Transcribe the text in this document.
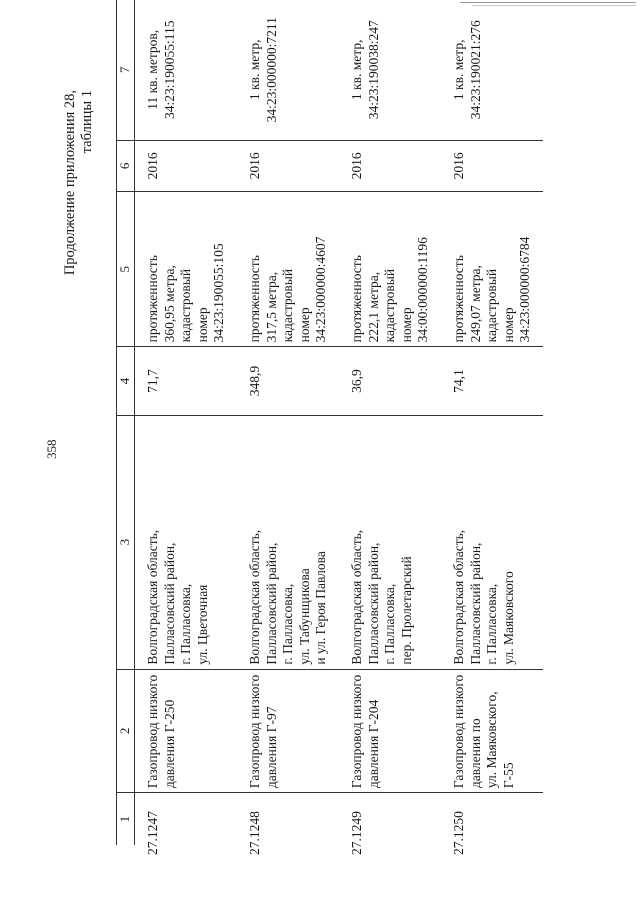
358
Продолжение приложения 28, таблицы 1
1	2	3	4	5	6	7
27.1247	Газопровод низкого
давления Г-250	Волгоградская область,
Палласовский район,
г. Палласовка,
ул. Цветочная	71,7	протяженность
360,95 метра,
кадастровый
номер
34:23:190055:105	2016	11 кв. метров,
34:23:190055:115

27.1248	Газопровод низкого
давления Г-97	Волгоградская область,
Палласовский район,
г. Палласовка,
ул. Табунщикова
и ул. Героя Павлова	348,9	протяженность
317,5 метра,
кадастровый
номер
34:23:000000:4607	2016	1 кв. метр,
34:23:000000:7211

27.1249	Газопровод низкого
давления Г-204	Волгоградская область,
Палласовский район,
г. Палласовка,
пер. Пролетарский	36,9	протяженность
222,1 метра,
кадастровый
номер
34:00:000000:1196	2016	1 кв. метр,
34:23:190038:247

27.1250	Газопровод низкого
давления по
ул. Маяковского,
Г-55	Волгоградская область,
Палласовский район,
г. Палласовка,
ул. Маяковского	74,1	протяженность
249,07 метра,
кадастровый
номер
34:23:000000:6784	2016	1 кв. метр,
34:23:190021:276
